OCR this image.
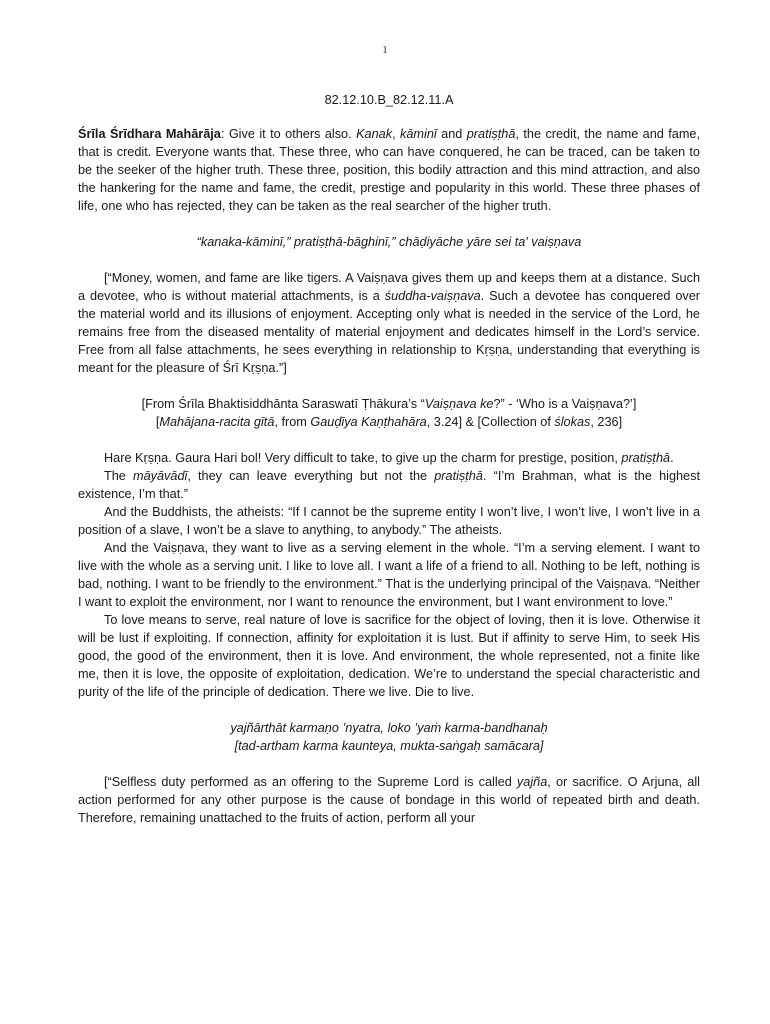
1

82.12.10.B_82.12.11.A

Śrīla Śrīdhara Mahārāja: Give it to others also. Kanak, kāminī and pratiṣṭhā, the credit, the name and fame, that is credit. Everyone wants that. These three, who can have conquered, he can be traced, can be taken to be the seeker of the higher truth. These three, position, this bodily attraction and this mind attraction, and also the hankering for the name and fame, the credit, prestige and popularity in this world. These three phases of life, one who has rejected, they can be taken as the real searcher of the higher truth.

“kanaka-kāminī,” pratiṣṭhā-bāghinī,” chāḍiyāche yāre sei ta' vaiṣṇava

[“Money, women, and fame are like tigers. A Vaiṣṇava gives them up and keeps them at a distance. Such a devotee, who is without material attachments, is a śuddha-vaiṣṇava. Such a devotee has conquered over the material world and its illusions of enjoyment. Accepting only what is needed in the service of the Lord, he remains free from the diseased mentality of material enjoyment and dedicates himself in the Lord’s service. Free from all false attachments, he sees everything in relationship to Kṛṣṇa, understanding that everything is meant for the pleasure of Śrī Kṛṣṇa.”]

[From Śrīla Bhaktisiddhānta Saraswatī Ṭhākura’s “Vaiṣṇava ke?” - ‘Who is a Vaiṣṇava?’]

[Mahājana-racita gītā, from Gauḍīya Kaṇṭhahāra, 3.24] & [Collection of ślokas, 236]

Hare Kṛṣṇa. Gaura Hari bol! Very difficult to take, to give up the charm for prestige, position, pratiṣṭhā.

The māyāvādī, they can leave everything but not the pratiṣṭhā. “I’m Brahman, what is the highest existence, I’m that.”

And the Buddhists, the atheists: “If I cannot be the supreme entity I won’t live, I won’t live, I won’t live in a position of a slave, I won’t be a slave to anything, to anybody.” The atheists.

And the Vaiṣṇava, they want to live as a serving element in the whole. “I’m a serving element. I want to live with the whole as a serving unit. I like to love all. I want a life of a friend to all. Nothing to be left, nothing is bad, nothing. I want to be friendly to the environment.” That is the underlying principal of the Vaiṣṇava. “Neither I want to exploit the environment, nor I want to renounce the environment, but I want environment to love.”

To love means to serve, real nature of love is sacrifice for the object of loving, then it is love. Otherwise it will be lust if exploiting. If connection, affinity for exploitation it is lust. But if affinity to serve Him, to seek His good, the good of the environment, then it is love. And environment, the whole represented, not a finite like me, then it is love, the opposite of exploitation, dedication. We’re to understand the special characteristic and purity of the life of the principle of dedication. There we live. Die to live.

yajñārthāt karmaṇo ’nyatra, loko ’yaṁ karma-bandhanaḥ

[tad-artham karma kaunteya, mukta-saṅgaḥ samācara]

[“Selfless duty performed as an offering to the Supreme Lord is called yajña, or sacrifice. O Arjuna, all action performed for any other purpose is the cause of bondage in this world of repeated birth and death. Therefore, remaining unattached to the fruits of action, perform all your
